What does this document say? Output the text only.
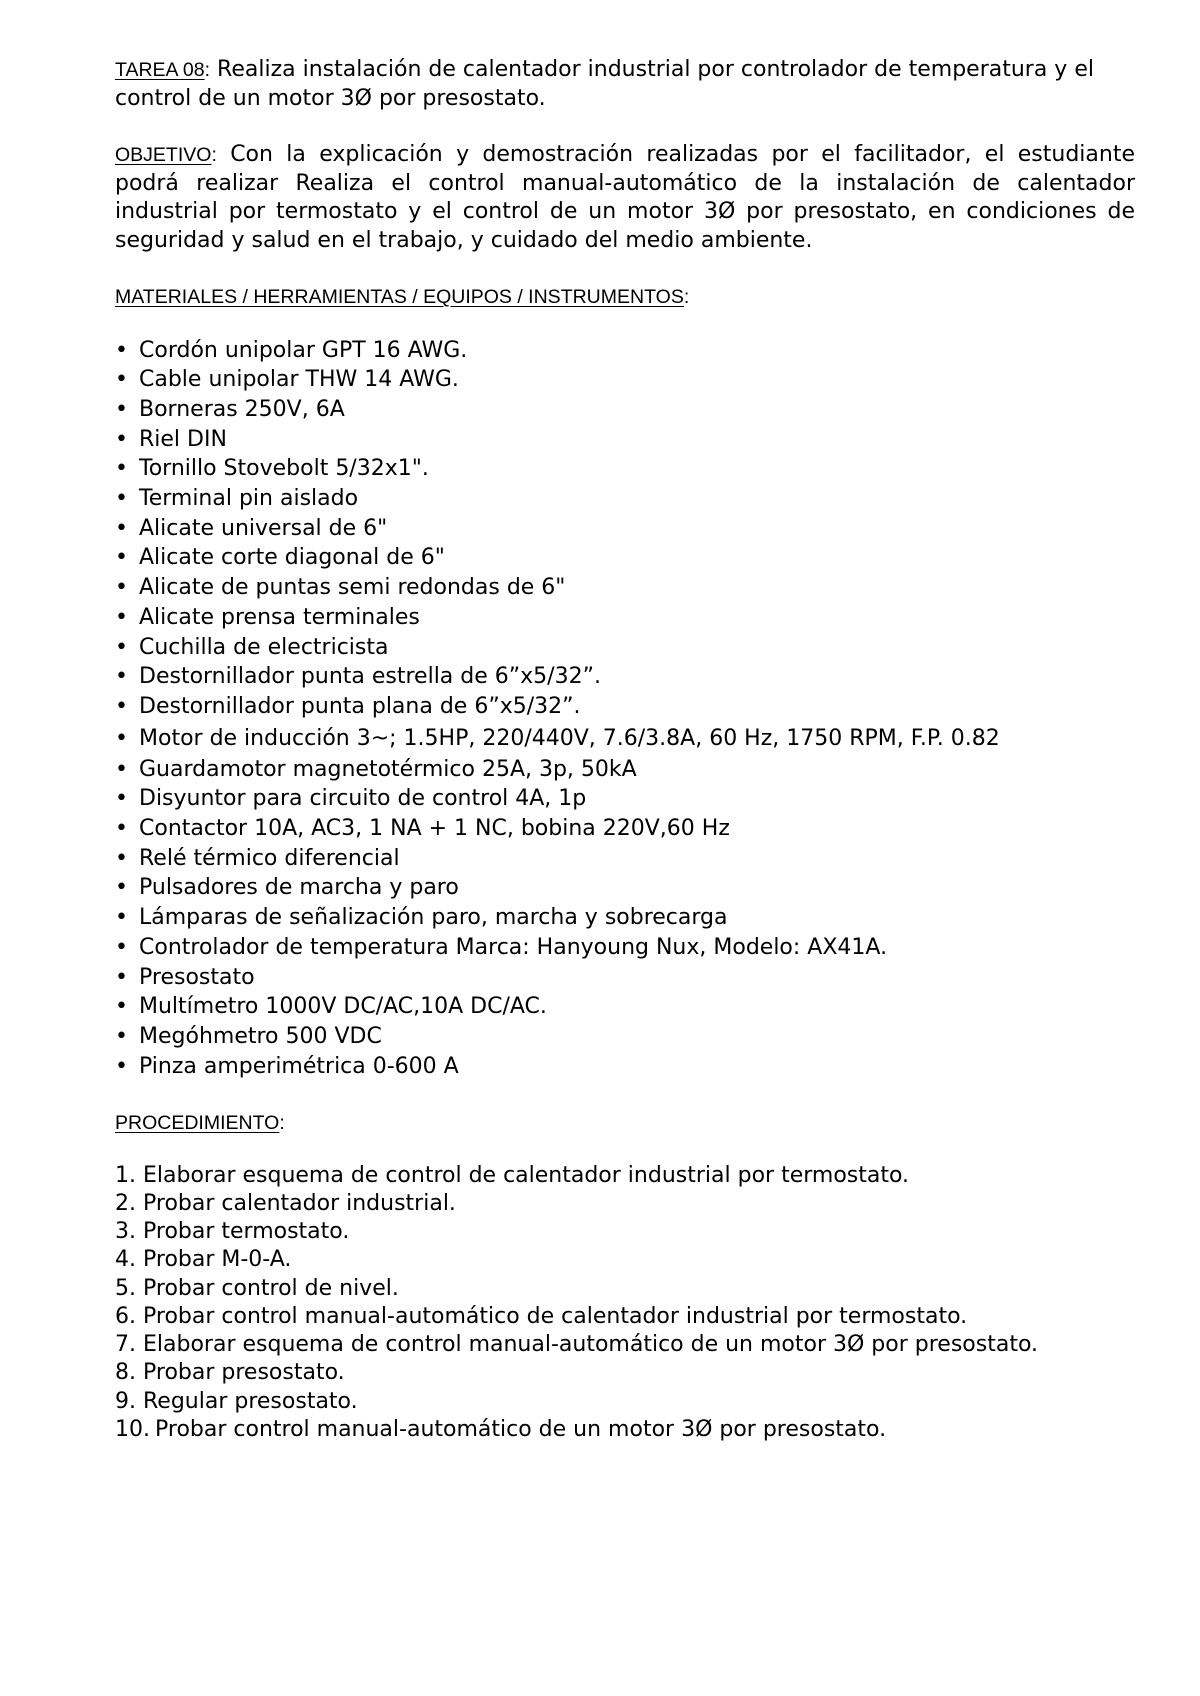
TAREA 08: Realiza instalación de calentador industrial por controlador de temperatura y el control de un motor 3Ø por presostato.

OBJETIVO: Con la explicación y demostración realizadas por el facilitador, el estudiante podrá realizar Realiza el control manual-automático de la instalación de calentador industrial por termostato y el control de un motor 3Ø por presostato, en condiciones de seguridad y salud en el trabajo, y cuidado del medio ambiente.

MATERIALES / HERRAMIENTAS / EQUIPOS / INSTRUMENTOS:

• Cordón unipolar GPT 16 AWG.
• Cable unipolar THW 14 AWG.
• Borneras 250V, 6A
• Riel DIN
• Tornillo Stovebolt 5/32x1".
• Terminal pin aislado
• Alicate universal de 6"
• Alicate corte diagonal de 6"
• Alicate de puntas semi redondas de 6"
• Alicate prensa terminales
• Cuchilla de electricista
• Destornillador punta estrella de 6”x5/32”.
• Destornillador punta plana de 6”x5/32”.
• Motor de inducción 3~; 1.5HP, 220/440V, 7.6/3.8A, 60 Hz, 1750 RPM, F.P. 0.82
• Guardamotor magnetotérmico 25A, 3p, 50kA
• Disyuntor para circuito de control 4A, 1p
• Contactor 10A, AC3, 1 NA + 1 NC, bobina 220V,60 Hz
• Relé térmico diferencial
• Pulsadores de marcha y paro
• Lámparas de señalización paro, marcha y sobrecarga
• Controlador de temperatura Marca: Hanyoung Nux, Modelo: AX41A.
• Presostato
• Multímetro 1000V DC/AC,10A DC/AC.
• Megóhmetro 500 VDC
• Pinza amperimétrica 0-600 A

PROCEDIMIENTO:

1. Elaborar esquema de control de calentador industrial por termostato.
2. Probar calentador industrial.
3. Probar termostato.
4. Probar M-0-A.
5. Probar control de nivel.
6. Probar control manual-automático de calentador industrial por termostato.
7. Elaborar esquema de control manual-automático de un motor 3Ø por presostato.
8. Probar presostato.
9. Regular presostato.
10. Probar control manual-automático de un motor 3Ø por presostato.
